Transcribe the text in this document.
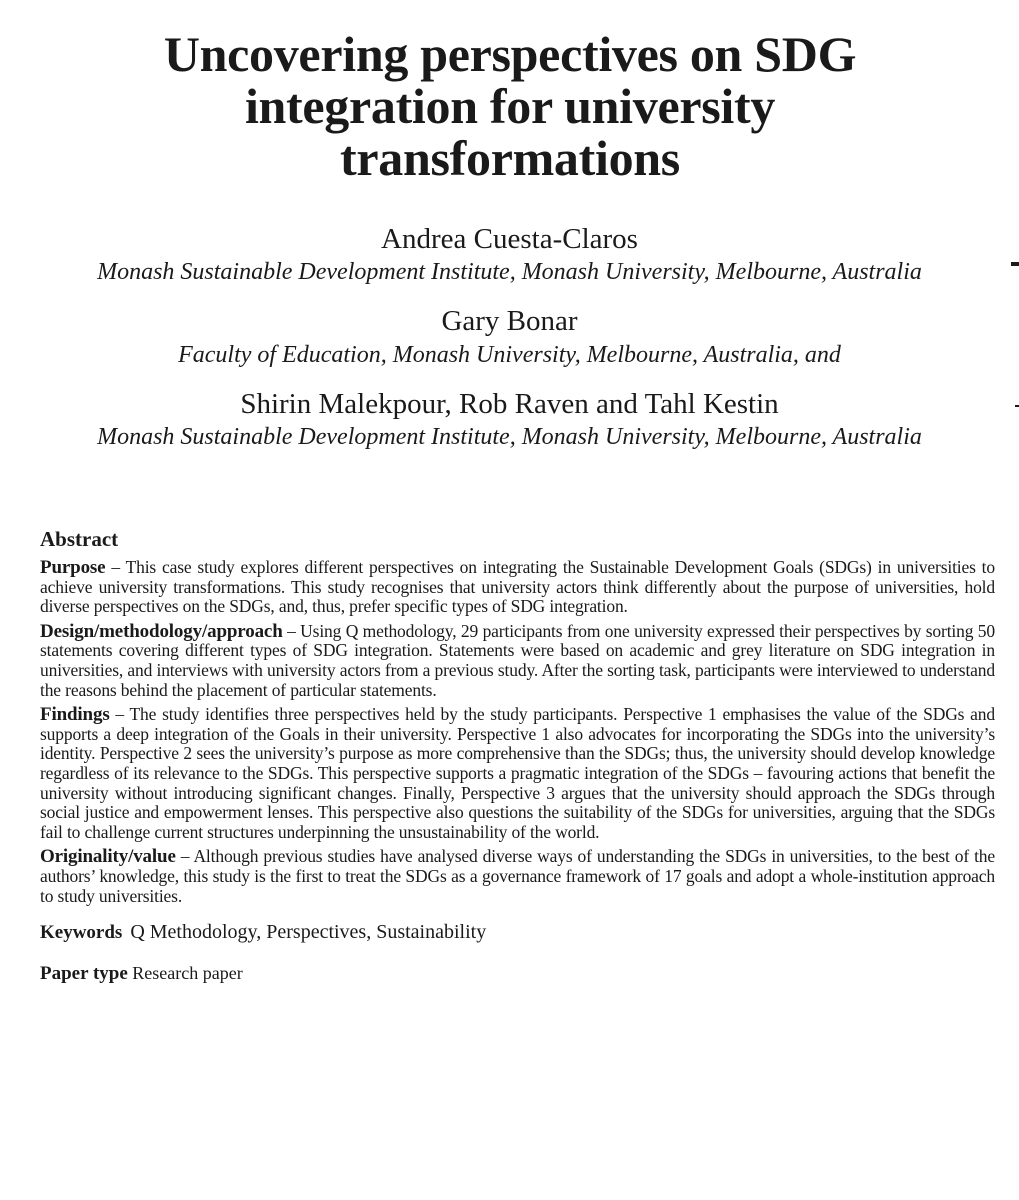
Uncovering perspectives on SDG
integration for university
transformations

Andrea Cuesta-Claros

Monash Sustainable Development Institute, Monash University, Melbourne, Australia

Gary Bonar

Faculty of Education, Monash University, Melbourne, Australia, and

Shirin Malekpour, Rob Raven and Tahl Kestin

Monash Sustainable Development Institute, Monash University, Melbourne, Australia

Abstract

Purpose – This case study explores different perspectives on integrating the Sustainable Development Goals (SDGs) in universities to achieve university transformations. This study recognises that university actors think differently about the purpose of universities, hold diverse perspectives on the SDGs, and, thus, prefer specific types of SDG integration.

Design/methodology/approach – Using Q methodology, 29 participants from one university expressed their perspectives by sorting 50 statements covering different types of SDG integration. Statements were based on academic and grey literature on SDG integration in universities, and interviews with university actors from a previous study. After the sorting task, participants were interviewed to understand the reasons behind the placement of particular statements.

Findings – The study identifies three perspectives held by the study participants. Perspective 1 emphasises the value of the SDGs and supports a deep integration of the Goals in their university. Perspective 1 also advocates for incorporating the SDGs into the university’s identity. Perspective 2 sees the university’s purpose as more comprehensive than the SDGs; thus, the university should develop knowledge regardless of its relevance to the SDGs. This perspective supports a pragmatic integration of the SDGs – favouring actions that benefit the university without introducing significant changes. Finally, Perspective 3 argues that the university should approach the SDGs through social justice and empowerment lenses. This perspective also questions the suitability of the SDGs for universities, arguing that the SDGs fail to challenge current structures underpinning the unsustainability of the world.

Originality/value – Although previous studies have analysed diverse ways of understanding the SDGs in universities, to the best of the authors’ knowledge, this study is the first to treat the SDGs as a governance framework of 17 goals and adopt a whole-institution approach to study universities.

Keywords Q Methodology, Perspectives, Sustainability

Paper type Research paper
